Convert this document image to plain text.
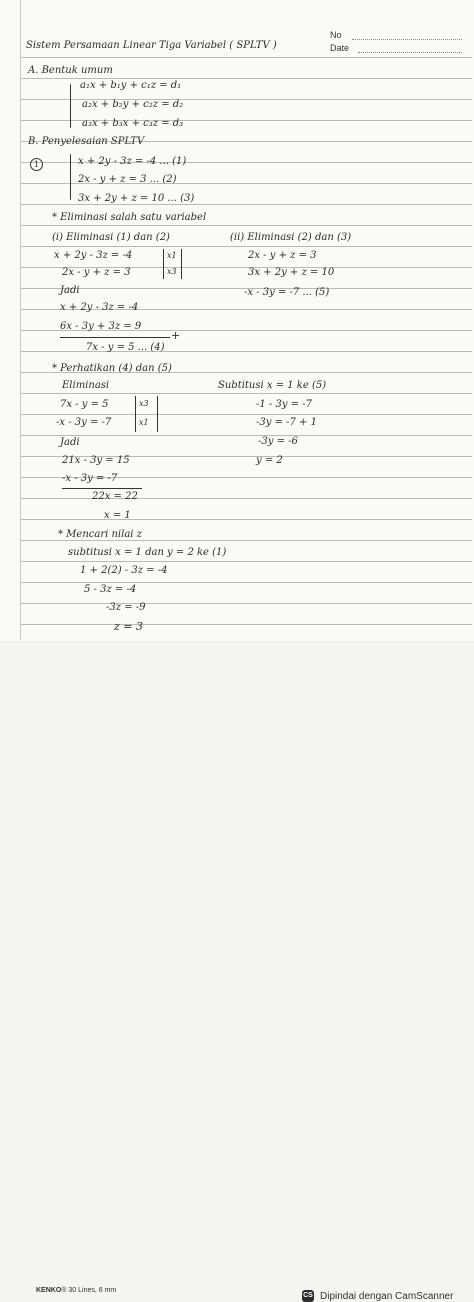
No
Date
Sistem Persamaan Linear Tiga Variabel ( SPLTV )
A. Bentuk umum
a₁x + b₁y + c₁z = d₁
a₂x + b₂y + c₂z = d₂
a₃x + b₃x + c₃z = d₃
B. Penyelesaian SPLTV
1	x + 2y - 3z = -4 ... (1)
2x - y + z = 3 ... (2)
3x + 2y + z = 10 ... (3)
* Eliminasi salah satu variabel
(i) Eliminasi (1) dan (2)	(ii) Eliminasi (2) dan (3)
x + 2y - 3z = -4
2x - y + z = 3
x1
x3
Jadi
x + 2y - 3z = -4
6x - 3y + 3z = 9
+
7x - y = 5 ... (4)
2x - y + z = 3
3x + 2y + z = 10
-x - 3y = -7 ... (5)
* Perhatikan (4) dan (5)
Eliminasi	Subtitusi x = 1 ke (5)
7x - y = 5
-x - 3y = -7
x3
x1
Jadi
21x - 3y = 15
-x - 3y = -7
22x = 22
x = 1
-1 - 3y = -7
-3y = -7 + 1
-3y = -6
y = 2
* Mencari nilai z
subtitusi x = 1 dan y = 2 ke (1)
1 + 2(2) - 3z = -4
5 - 3z = -4
-3z = -9
z = 3
KENKO® 30 Lines, 6 mm
CS Dipindai dengan CamScanner
